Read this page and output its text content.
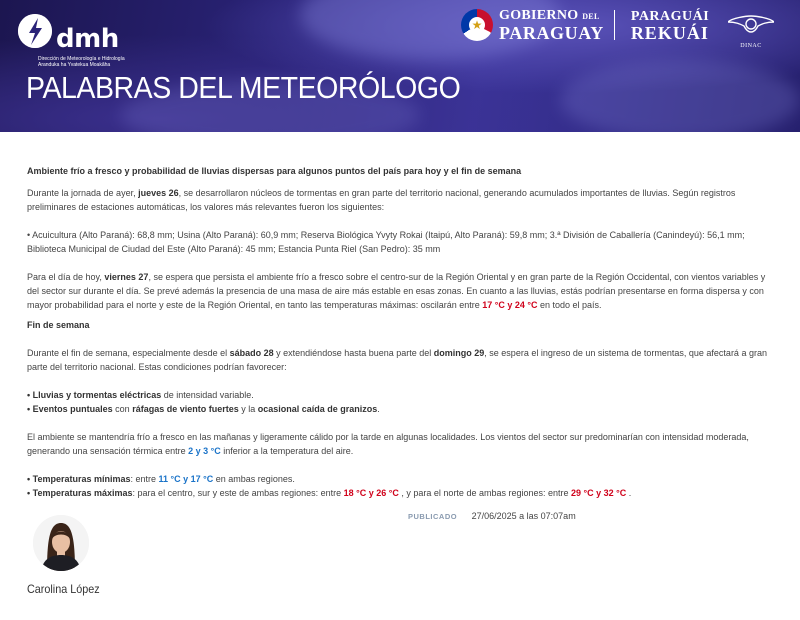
dmh
Dirección de Meteorología e Hidrología
Aranduka ha Yvatekua Moakãha
PALABRAS DEL METEORÓLOGO
★
GOBIERNO DEL
PARAGUAY
PARAGUÁI
REKUÁI
DINAC

Ambiente frío a fresco y probabilidad de lluvias dispersas para algunos puntos del país para hoy y el fin de semana

Durante la jornada de ayer, jueves 26, se desarrollaron núcleos de tormentas en gran parte del territorio nacional, generando acumulados importantes de lluvias. Según registros preliminares de estaciones automáticas, los valores más relevantes fueron los siguientes:

• Acuicultura (Alto Paraná): 68,8 mm; Usina (Alto Paraná): 60,9 mm; Reserva Biológica Yvyty Rokai (Itaipú, Alto Paraná): 59,8 mm; 3.ª División de Caballería (Canindeyú): 56,1 mm; Biblioteca Municipal de Ciudad del Este (Alto Paraná): 45 mm; Estancia Punta Riel (San Pedro): 35 mm

Para el día de hoy, viernes 27, se espera que persista el ambiente frío a fresco sobre el centro-sur de la Región Oriental y en gran parte de la Región Occidental, con vientos variables y del sector sur durante el día. Se prevé además la presencia de una masa de aire más estable en esas zonas. En cuanto a las lluvias, estás podrían presentarse en forma dispersa y con mayor probabilidad para el norte y este de la Región Oriental, en tanto las temperaturas máximas: oscilarán entre 17 °C y 24 °C en todo el país.

Fin de semana

Durante el fin de semana, especialmente desde el sábado 28 y extendiéndose hasta buena parte del domingo 29, se espera el ingreso de un sistema de tormentas, que afectará a gran parte del territorio nacional. Estas condiciones podrían favorecer:

• Lluvias y tormentas eléctricas de intensidad variable.

• Eventos puntuales con ráfagas de viento fuertes y la ocasional caída de granizos.

El ambiente se mantendría frío a fresco en las mañanas y ligeramente cálido por la tarde en algunas localidades. Los vientos del sector sur predominarían con intensidad moderada, generando una sensación térmica entre 2 y 3 °C inferior a la temperatura del aire.

• Temperaturas mínimas: entre 11 °C y 17 °C en ambas regiones.

• Temperaturas máximas: para el centro, sur y este de ambas regiones: entre 18 °C y 26 °C , y para el norte de ambas regiones: entre 29 °C y 32 °C .

PUBLICADO 27/06/2025 a las 07:07am
Carolina López
